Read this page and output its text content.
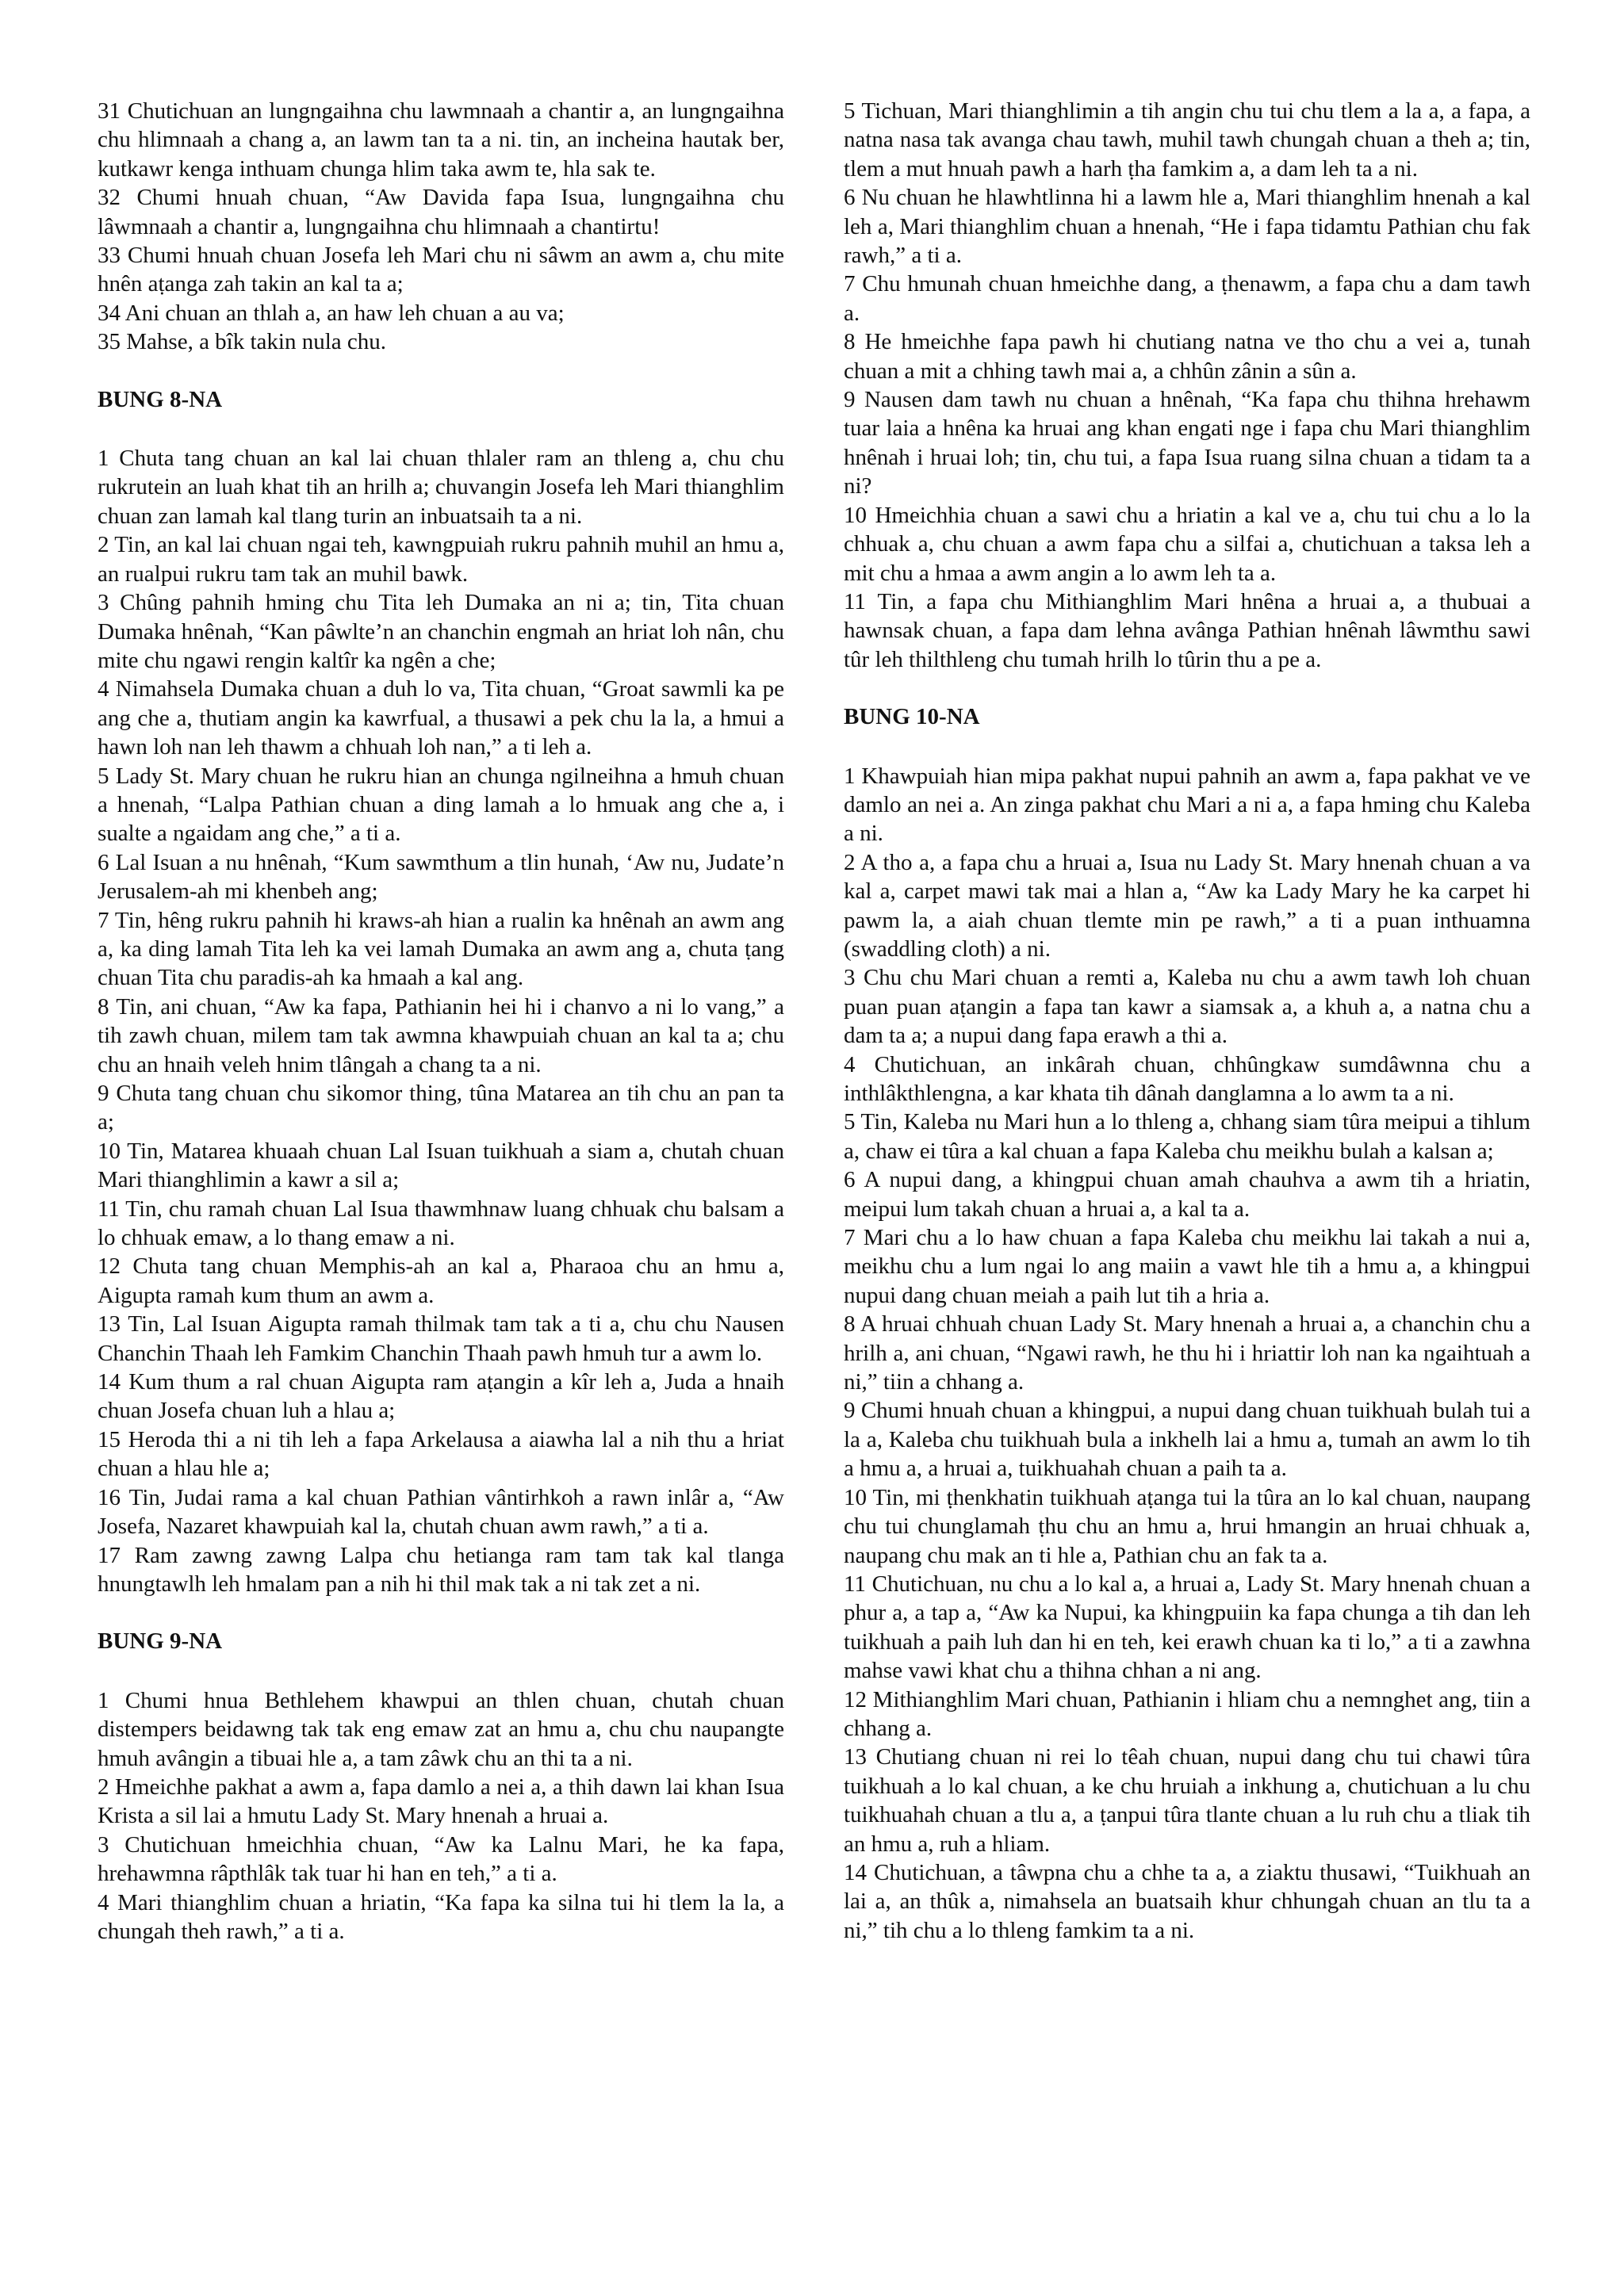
31 Chutichuan an lungngaihna chu lawmnaah a chantir a, an lungngaihna chu hlimnaah a chang a, an lawm tan ta a ni. tin, an incheina hautak ber, kutkawr kenga inthuam chunga hlim taka awm te, hla sak te.

32 Chumi hnuah chuan, “Aw Davida fapa Isua, lungngaihna chu lâwmnaah a chantir a, lungngaihna chu hlimnaah a chantirtu!

33 Chumi hnuah chuan Josefa leh Mari chu ni sâwm an awm a, chu mite hnên aṭanga zah takin an kal ta a;

34 Ani chuan an thlah a, an haw leh chuan a au va;

35 Mahse, a bîk takin nula chu.

BUNG 8-NA

1 Chuta tang chuan an kal lai chuan thlaler ram an thleng a, chu chu rukrutein an luah khat tih an hrilh a; chuvangin Josefa leh Mari thianghlim chuan zan lamah kal tlang turin an inbuatsaih ta a ni.

2 Tin, an kal lai chuan ngai teh, kawngpuiah rukru pahnih muhil an hmu a, an rualpui rukru tam tak an muhil bawk.

3 Chûng pahnih hming chu Tita leh Dumaka an ni a; tin, Tita chuan Dumaka hnênah, “Kan pâwlte’n an chanchin engmah an hriat loh nân, chu mite chu ngawi rengin kaltîr ka ngên a che;

4 Nimahsela Dumaka chuan a duh lo va, Tita chuan, “Groat sawmli ka pe ang che a, thutiam angin ka kawrfual, a thusawi a pek chu la la, a hmui a hawn loh nan leh thawm a chhuah loh nan,” a ti leh a.

5 Lady St. Mary chuan he rukru hian an chunga ngilneihna a hmuh chuan a hnenah, “Lalpa Pathian chuan a ding lamah a lo hmuak ang che a, i sualte a ngaidam ang che,” a ti a.

6 Lal Isuan a nu hnênah, “Kum sawmthum a tlin hunah, ‘Aw nu, Judate’n Jerusalem-ah mi khenbeh ang;

7 Tin, hêng rukru pahnih hi kraws-ah hian a rualin ka hnênah an awm ang a, ka ding lamah Tita leh ka vei lamah Dumaka an awm ang a, chuta ṭang chuan Tita chu paradis-ah ka hmaah a kal ang.

8 Tin, ani chuan, “Aw ka fapa, Pathianin hei hi i chanvo a ni lo vang,” a tih zawh chuan, milem tam tak awmna khawpuiah chuan an kal ta a; chu chu an hnaih veleh hnim tlângah a chang ta a ni.

9 Chuta tang chuan chu sikomor thing, tûna Matarea an tih chu an pan ta a;

10 Tin, Matarea khuaah chuan Lal Isuan tuikhuah a siam a, chutah chuan Mari thianghlimin a kawr a sil a;

11 Tin, chu ramah chuan Lal Isua thawmhnaw luang chhuak chu balsam a lo chhuak emaw, a lo thang emaw a ni.

12 Chuta tang chuan Memphis-ah an kal a, Pharaoa chu an hmu a, Aigupta ramah kum thum an awm a.

13 Tin, Lal Isuan Aigupta ramah thilmak tam tak a ti a, chu chu Nausen Chanchin Thaah leh Famkim Chanchin Thaah pawh hmuh tur a awm lo.

14 Kum thum a ral chuan Aigupta ram aṭangin a kîr leh a, Juda a hnaih chuan Josefa chuan luh a hlau a;

15 Heroda thi a ni tih leh a fapa Arkelausa a aiawha lal a nih thu a hriat chuan a hlau hle a;

16 Tin, Judai rama a kal chuan Pathian vântirhkoh a rawn inlâr a, “Aw Josefa, Nazaret khawpuiah kal la, chutah chuan awm rawh,” a ti a.

17 Ram zawng zawng Lalpa chu hetianga ram tam tak kal tlanga hnungtawlh leh hmalam pan a nih hi thil mak tak a ni tak zet a ni.

BUNG 9-NA

1 Chumi hnua Bethlehem khawpui an thlen chuan, chutah chuan distempers beidawng tak tak eng emaw zat an hmu a, chu chu naupangte hmuh avângin a tibuai hle a, a tam zâwk chu an thi ta a ni.

2 Hmeichhe pakhat a awm a, fapa damlo a nei a, a thih dawn lai khan Isua Krista a sil lai a hmutu Lady St. Mary hnenah a hruai a.

3 Chutichuan hmeichhia chuan, “Aw ka Lalnu Mari, he ka fapa, hrehawmna râpthlâk tak tuar hi han en teh,” a ti a.

4 Mari thianghlim chuan a hriatin, “Ka fapa ka silna tui hi tlem la la, a chungah theh rawh,” a ti a.

5 Tichuan, Mari thianghlimin a tih angin chu tui chu tlem a la a, a fapa, a natna nasa tak avanga chau tawh, muhil tawh chungah chuan a theh a; tin, tlem a mut hnuah pawh a harh ṭha famkim a, a dam leh ta a ni.

6 Nu chuan he hlawhtlinna hi a lawm hle a, Mari thianghlim hnenah a kal leh a, Mari thianghlim chuan a hnenah, “He i fapa tidamtu Pathian chu fak rawh,” a ti a.

7 Chu hmunah chuan hmeichhe dang, a ṭhenawm, a fapa chu a dam tawh a.

8 He hmeichhe fapa pawh hi chutiang natna ve tho chu a vei a, tunah chuan a mit a chhing tawh mai a, a chhûn zânin a sûn a.

9 Nausen dam tawh nu chuan a hnênah, “Ka fapa chu thihna hrehawm tuar laia a hnêna ka hruai ang khan engati nge i fapa chu Mari thianghlim hnênah i hruai loh; tin, chu tui, a fapa Isua ruang silna chuan a tidam ta a ni?

10 Hmeichhia chuan a sawi chu a hriatin a kal ve a, chu tui chu a lo la chhuak a, chu chuan a awm fapa chu a silfai a, chutichuan a taksa leh a mit chu a hmaa a awm angin a lo awm leh ta a.

11 Tin, a fapa chu Mithianghlim Mari hnêna a hruai a, a thubuai a hawnsak chuan, a fapa dam lehna avânga Pathian hnênah lâwmthu sawi tûr leh thilthleng chu tumah hrilh lo tûrin thu a pe a.

BUNG 10-NA

1 Khawpuiah hian mipa pakhat nupui pahnih an awm a, fapa pakhat ve ve damlo an nei a. An zinga pakhat chu Mari a ni a, a fapa hming chu Kaleba a ni.

2 A tho a, a fapa chu a hruai a, Isua nu Lady St. Mary hnenah chuan a va kal a, carpet mawi tak mai a hlan a, “Aw ka Lady Mary he ka carpet hi pawm la, a aiah chuan tlemte min pe rawh,” a ti a puan inthuamna (swaddling cloth) a ni.

3 Chu chu Mari chuan a remti a, Kaleba nu chu a awm tawh loh chuan puan puan aṭangin a fapa tan kawr a siamsak a, a khuh a, a natna chu a dam ta a; a nupui dang fapa erawh a thi a.

4 Chutichuan, an inkârah chuan, chhûngkaw sumdâwnna chu a inthlâkthlengna, a kar khata tih dânah danglamna a lo awm ta a ni.

5 Tin, Kaleba nu Mari hun a lo thleng a, chhang siam tûra meipui a tihlum a, chaw ei tûra a kal chuan a fapa Kaleba chu meikhu bulah a kalsan a;

6 A nupui dang, a khingpui chuan amah chauhva a awm tih a hriatin, meipui lum takah chuan a hruai a, a kal ta a.

7 Mari chu a lo haw chuan a fapa Kaleba chu meikhu lai takah a nui a, meikhu chu a lum ngai lo ang maiin a vawt hle tih a hmu a, a khingpui nupui dang chuan meiah a paih lut tih a hria a.

8 A hruai chhuah chuan Lady St. Mary hnenah a hruai a, a chanchin chu a hrilh a, ani chuan, “Ngawi rawh, he thu hi i hriattir loh nan ka ngaihtuah a ni,” tiin a chhang a.

9 Chumi hnuah chuan a khingpui, a nupui dang chuan tuikhuah bulah tui a la a, Kaleba chu tuikhuah bula a inkhelh lai a hmu a, tumah an awm lo tih a hmu a, a hruai a, tuikhuahah chuan a paih ta a.

10 Tin, mi ṭhenkhatin tuikhuah aṭanga tui la tûra an lo kal chuan, naupang chu tui chunglamah ṭhu chu an hmu a, hrui hmangin an hruai chhuak a, naupang chu mak an ti hle a, Pathian chu an fak ta a.

11 Chutichuan, nu chu a lo kal a, a hruai a, Lady St. Mary hnenah chuan a phur a, a tap a, “Aw ka Nupui, ka khingpuiin ka fapa chunga a tih dan leh tuikhuah a paih luh dan hi en teh, kei erawh chuan ka ti lo,” a ti a zawhna mahse vawi khat chu a thihna chhan a ni ang.

12 Mithianghlim Mari chuan, Pathianin i hliam chu a nemnghet ang, tiin a chhang a.

13 Chutiang chuan ni rei lo têah chuan, nupui dang chu tui chawi tûra tuikhuah a lo kal chuan, a ke chu hruiah a inkhung a, chutichuan a lu chu tuikhuahah chuan a tlu a, a ṭanpui tûra tlante chuan a lu ruh chu a tliak tih an hmu a, ruh a hliam.

14 Chutichuan, a tâwpna chu a chhe ta a, a ziaktu thusawi, “Tuikhuah an lai a, an thûk a, nimahsela an buatsaih khur chhungah chuan an tlu ta a ni,” tih chu a lo thleng famkim ta a ni.
